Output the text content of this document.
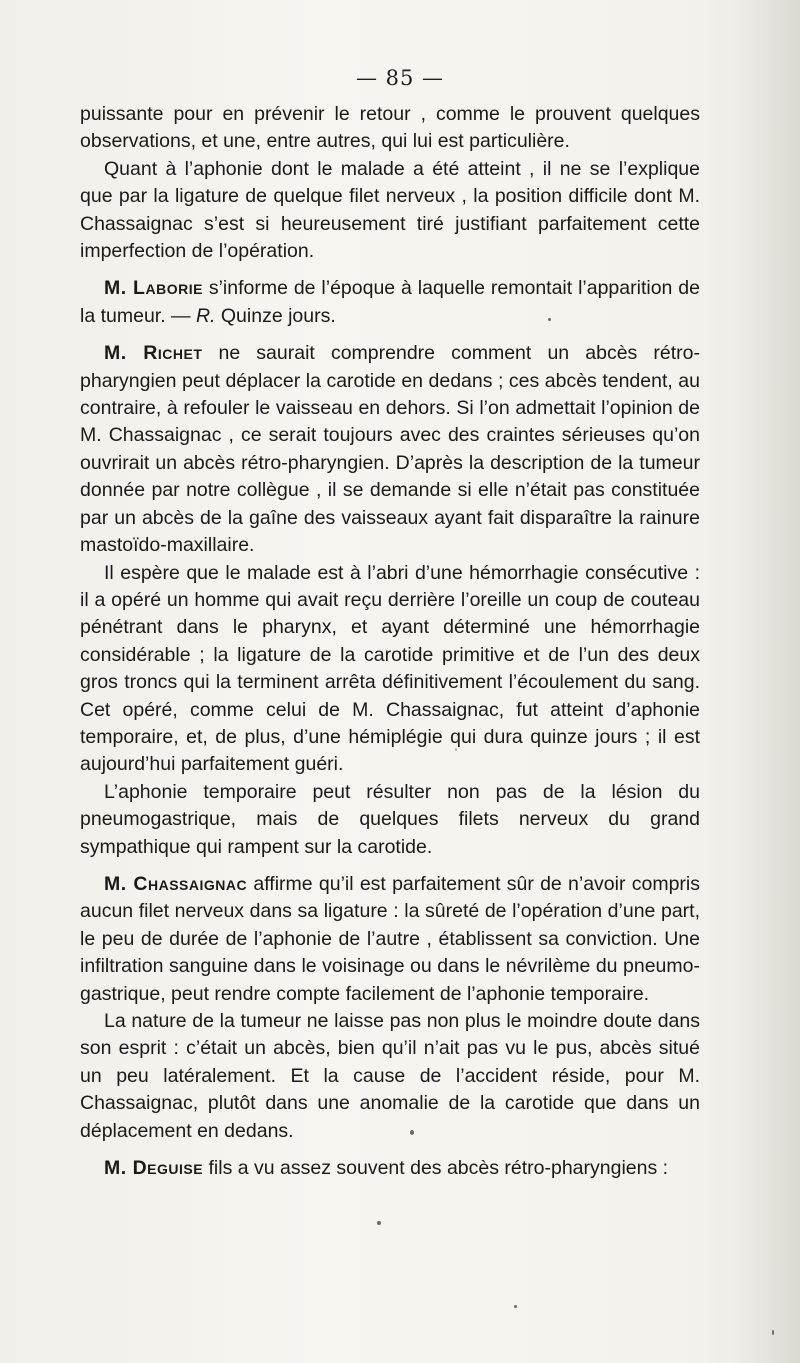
— 85 —

puissante pour en prévenir le retour , comme le prouvent quelques observations, et une, entre autres, qui lui est particulière.

Quant à l’aphonie dont le malade a été atteint , il ne se l’explique que par la ligature de quelque filet nerveux , la position difficile dont M. Chassaignac s’est si heureusement tiré justifiant parfaitement cette imperfection de l’opération.

M. Laborie s’informe de l’époque à laquelle remontait l’apparition de la tumeur. — R. Quinze jours.

M. Richet ne saurait comprendre comment un abcès rétro-pharyngien peut déplacer la carotide en dedans ; ces abcès tendent, au contraire, à refouler le vaisseau en dehors. Si l’on admettait l’opinion de M. Chassaignac , ce serait toujours avec des craintes sérieuses qu’on ouvrirait un abcès rétro-pharyngien. D’après la description de la tumeur donnée par notre collègue , il se demande si elle n’était pas constituée par un abcès de la gaîne des vaisseaux ayant fait disparaître la rainure mastoïdo-maxillaire.

Il espère que le malade est à l’abri d’une hémorrhagie consécutive : il a opéré un homme qui avait reçu derrière l’oreille un coup de couteau pénétrant dans le pharynx, et ayant déterminé une hémorrhagie considérable ; la ligature de la carotide primitive et de l’un des deux gros troncs qui la terminent arrêta définitivement l’écoulement du sang. Cet opéré, comme celui de M. Chassaignac, fut atteint d’aphonie temporaire, et, de plus, d’une hémiplégie qui dura quinze jours ; il est aujourd’hui parfaitement guéri.

L’aphonie temporaire peut résulter non pas de la lésion du pneumogastrique, mais de quelques filets nerveux du grand sympathique qui rampent sur la carotide.

M. Chassaignac affirme qu’il est parfaitement sûr de n’avoir compris aucun filet nerveux dans sa ligature : la sûreté de l’opération d’une part, le peu de durée de l’aphonie de l’autre , établissent sa conviction. Une infiltration sanguine dans le voisinage ou dans le névrilème du pneumo-gastrique, peut rendre compte facilement de l’aphonie temporaire.

La nature de la tumeur ne laisse pas non plus le moindre doute dans son esprit : c’était un abcès, bien qu’il n’ait pas vu le pus, abcès situé un peu latéralement. Et la cause de l’accident réside, pour M. Chassaignac, plutôt dans une anomalie de la carotide que dans un déplacement en dedans.

M. Deguise fils a vu assez souvent des abcès rétro-pharyngiens :
